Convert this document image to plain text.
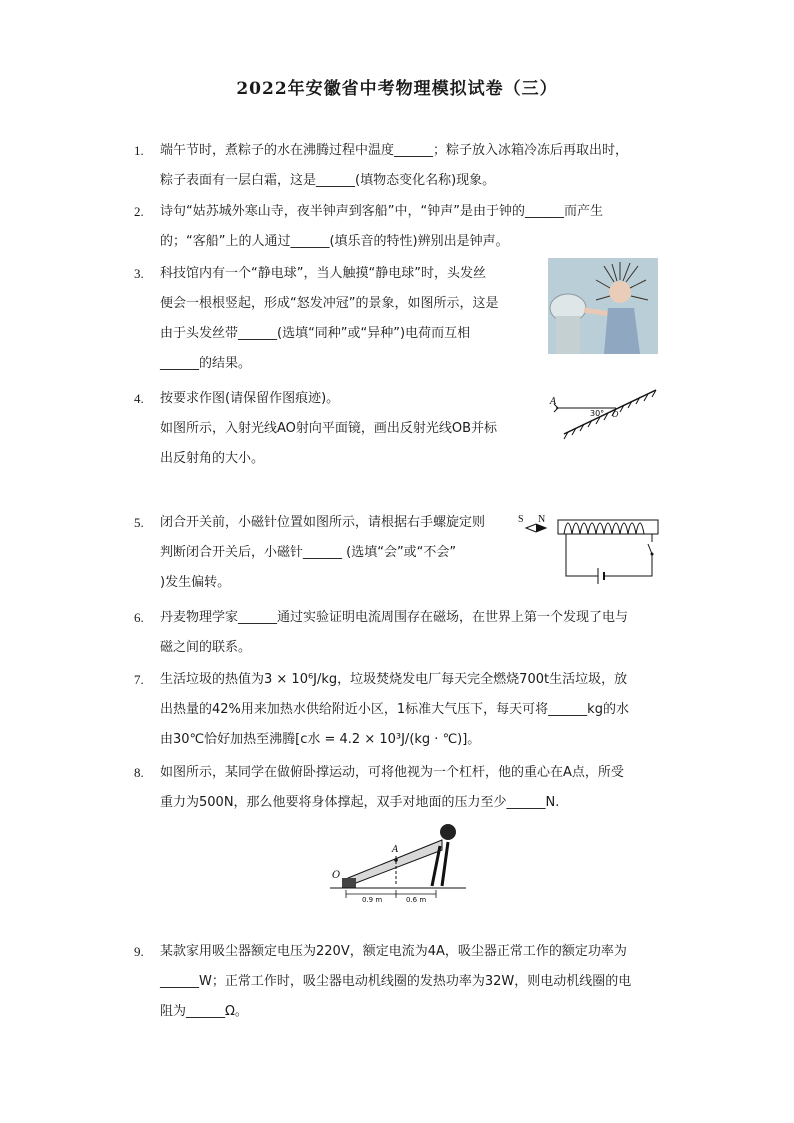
2022年安徽省中考物理模拟试卷（三）
1.	端午节时，煮粽子的水在沸腾过程中温度______；粽子放入冰箱冷冻后再取出时，
粽子表面有一层白霜，这是______(填物态变化名称)现象。
2.	诗句“姑苏城外寒山寺，夜半钟声到客船”中，“钟声”是由于钟的______而产生
的；“客船”上的人通过______(填乐音的特性)辨别出是钟声。
3.	科技馆内有一个“静电球”，当人触摸“静电球”时，头发丝
便会一根根竖起，形成“怒发冲冠”的景象，如图所示，这是
由于头发丝带______(选填“同种”或“异种”)电荷而互相
______的结果。
4.	按要求作图(请保留作图痕迹)。
如图所示，入射光线AO射向平面镜，画出反射光线OB并标
出反射角的大小。
A
30° O
5.	闭合开关前，小磁针位置如图所示，请根据右手螺旋定则
判断闭合开关后，小磁针______ (选填“会”或“不会”
)发生偏转。
S N
6.	丹麦物理学家______通过实验证明电流周围存在磁场，在世界上第一个发现了电与
磁之间的联系。
7.	生活垃圾的热值为3 × 10⁶J/kg，垃圾焚烧发电厂每天完全燃烧700t生活垃圾，放
出热量的42%用来加热水供给附近小区，1标准大气压下，每天可将______kg的水
由30℃恰好加热至沸腾[c水 = 4.2 × 10³J/(kg · ℃)]。
8.	如图所示，某同学在做俯卧撑运动，可将他视为一个杠杆，他的重心在A点，所受
重力为500N，那么他要将身体撑起，双手对地面的压力至少______N.
A
O
0.9 m	0.6 m
9.	某款家用吸尘器额定电压为220V，额定电流为4A，吸尘器正常工作的额定功率为
______W；正常工作时，吸尘器电动机线圈的发热功率为32W，则电动机线圈的电
阻为______Ω。
